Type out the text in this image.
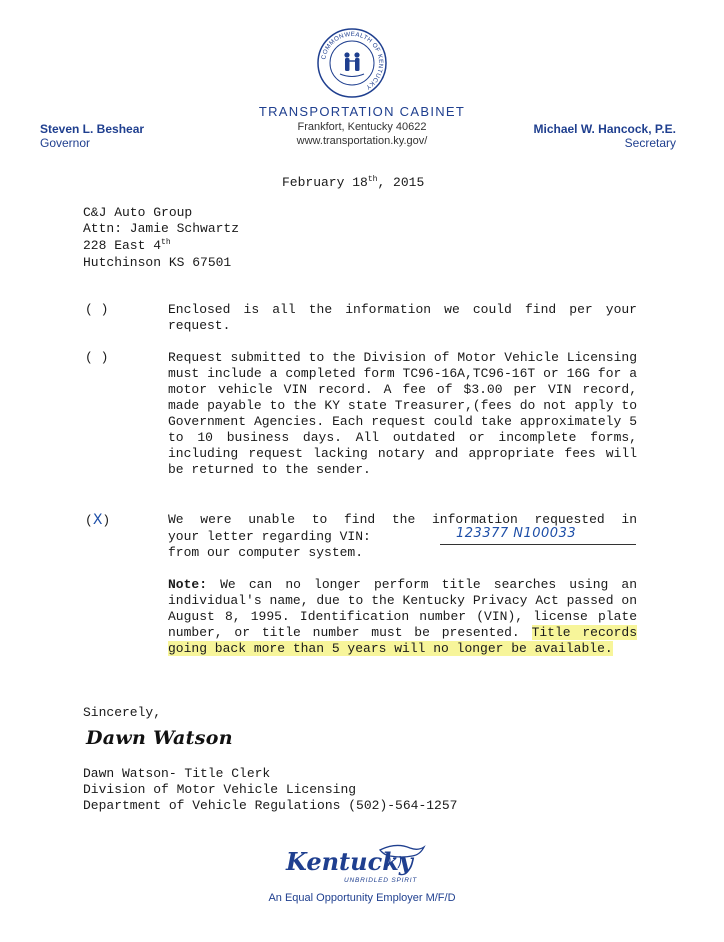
COMMONWEALTH OF KENTUCKY
TRANSPORTATION CABINET
Frankfort, Kentucky 40622
www.transportation.ky.gov/
Steven L. Beshear
Governor
Michael W. Hancock, P.E.
Secretary
February 18th, 2015
C&J Auto Group
Attn: Jamie Schwartz
228 East 4th
Hutchinson KS 67501
( )	Enclosed is all the information we could find per your request.
( )	Request submitted to the Division of Motor Vehicle Licensing must include a completed form TC96-16A,TC96-16T or 16G for a motor vehicle VIN record. A fee of $3.00 per VIN record, made payable to the KY state Treasurer,(fees do not apply to Government Agencies. Each request could take approximately 5 to 10 business days. All outdated or incomplete forms, including request lacking notary and appropriate fees will be returned to the sender.
(X)	We were unable to find the information requested in
your letter regarding VIN:	123377 N100033
from our computer system.
Note: We can no longer perform title searches using an individual's name, due to the Kentucky Privacy Act passed on August 8, 1995. Identification number (VIN), license plate number, or title number must be presented. Title records going back more than 5 years will no longer be available.
Sincerely,
Dawn Watson
Dawn Watson- Title Clerk
Division of Motor Vehicle Licensing
Department of Vehicle Regulations (502)-564-1257
Kentucky
UNBRIDLED SPIRIT
An Equal Opportunity Employer M/F/D
